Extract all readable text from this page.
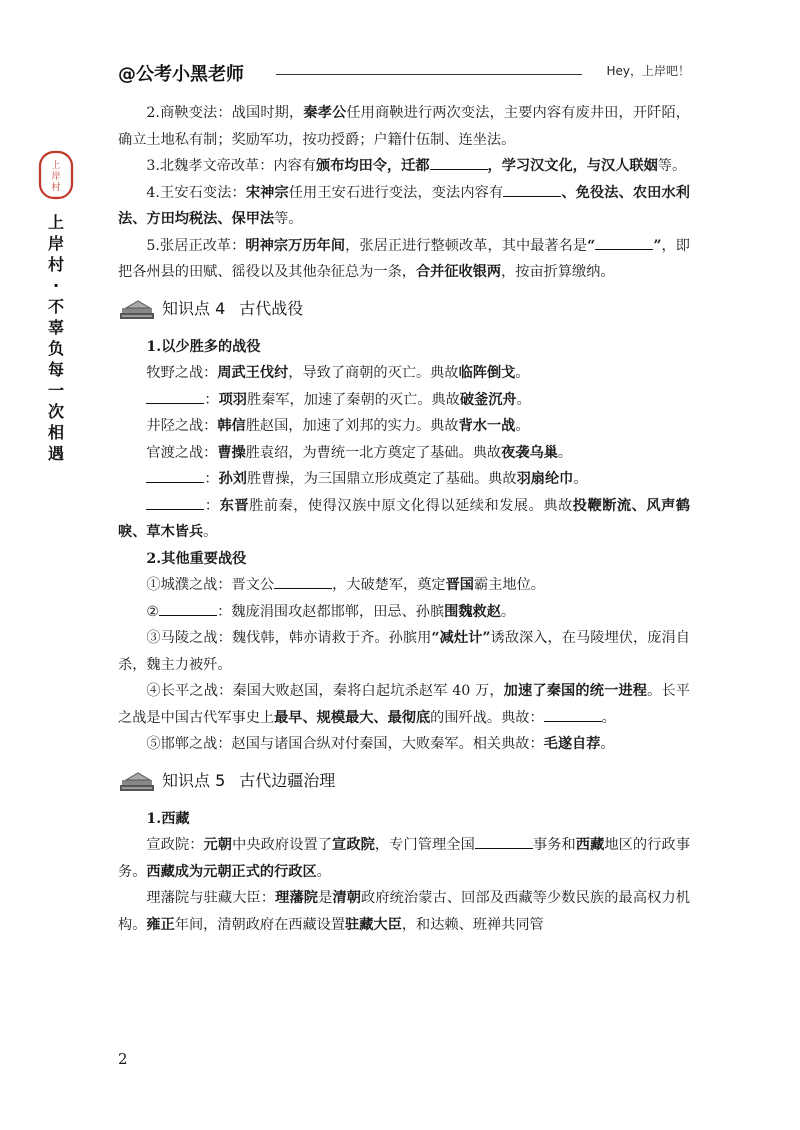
@公考小黑老师	Hey，上岸吧！
上
岸
村
上岸村 · 不辜负每一次相遇

2.商鞅变法：战国时期，秦孝公任用商鞅进行两次变法，主要内容有废井田，开阡陌，确立土地私有制；奖励军功，按功授爵；户籍什伍制、连坐法。

3.北魏孝文帝改革：内容有颁布均田令，迁都	，学习汉文化，与汉人联姻等。

4.王安石变法：宋神宗任用王安石进行变法，变法内容有	、免役法、农田水利法、方田均税法、保甲法等。

5.张居正改革：明神宗万历年间，张居正进行整顿改革，其中最著名是“	”，即把各州县的田赋、徭役以及其他杂征总为一条，合并征收银两，按亩折算缴纳。

知识点 4 古代战役

1.以少胜多的战役

牧野之战：周武王伐纣，导致了商朝的灭亡。典故临阵倒戈。

：项羽胜秦军，加速了秦朝的灭亡。典故破釜沉舟。

井陉之战：韩信胜赵国，加速了刘邦的实力。典故背水一战。

官渡之战：曹操胜袁绍，为曹统一北方奠定了基础。典故夜袭乌巢。

：孙刘胜曹操，为三国鼎立形成奠定了基础。典故羽扇纶巾。

：东晋胜前秦，使得汉族中原文化得以延续和发展。典故投鞭断流、风声鹤唳、草木皆兵。

2.其他重要战役

①城濮之战：晋文公	，大破楚军，奠定晋国霸主地位。

②	：魏庞涓围攻赵都邯郸，田忌、孙膑围魏救赵。

③马陵之战：魏伐韩，韩亦请救于齐。孙膑用“减灶计”诱敌深入，在马陵埋伏，庞涓自杀，魏主力被歼。

④长平之战：秦国大败赵国，秦将白起坑杀赵军 40 万，加速了秦国的统一进程。长平之战是中国古代军事史上最早、规模最大、最彻底的围歼战。典故：	。

⑤邯郸之战：赵国与诸国合纵对付秦国，大败秦军。相关典故：毛遂自荐。

知识点 5 古代边疆治理

1.西藏

宣政院：元朝中央政府设置了宣政院，专门管理全国	事务和西藏地区的行政事务。西藏成为元朝正式的行政区。

理藩院与驻藏大臣：理藩院是清朝政府统治蒙古、回部及西藏等少数民族的最高权力机构。雍正年间，清朝政府在西藏设置驻藏大臣，和达赖、班禅共同管

2
